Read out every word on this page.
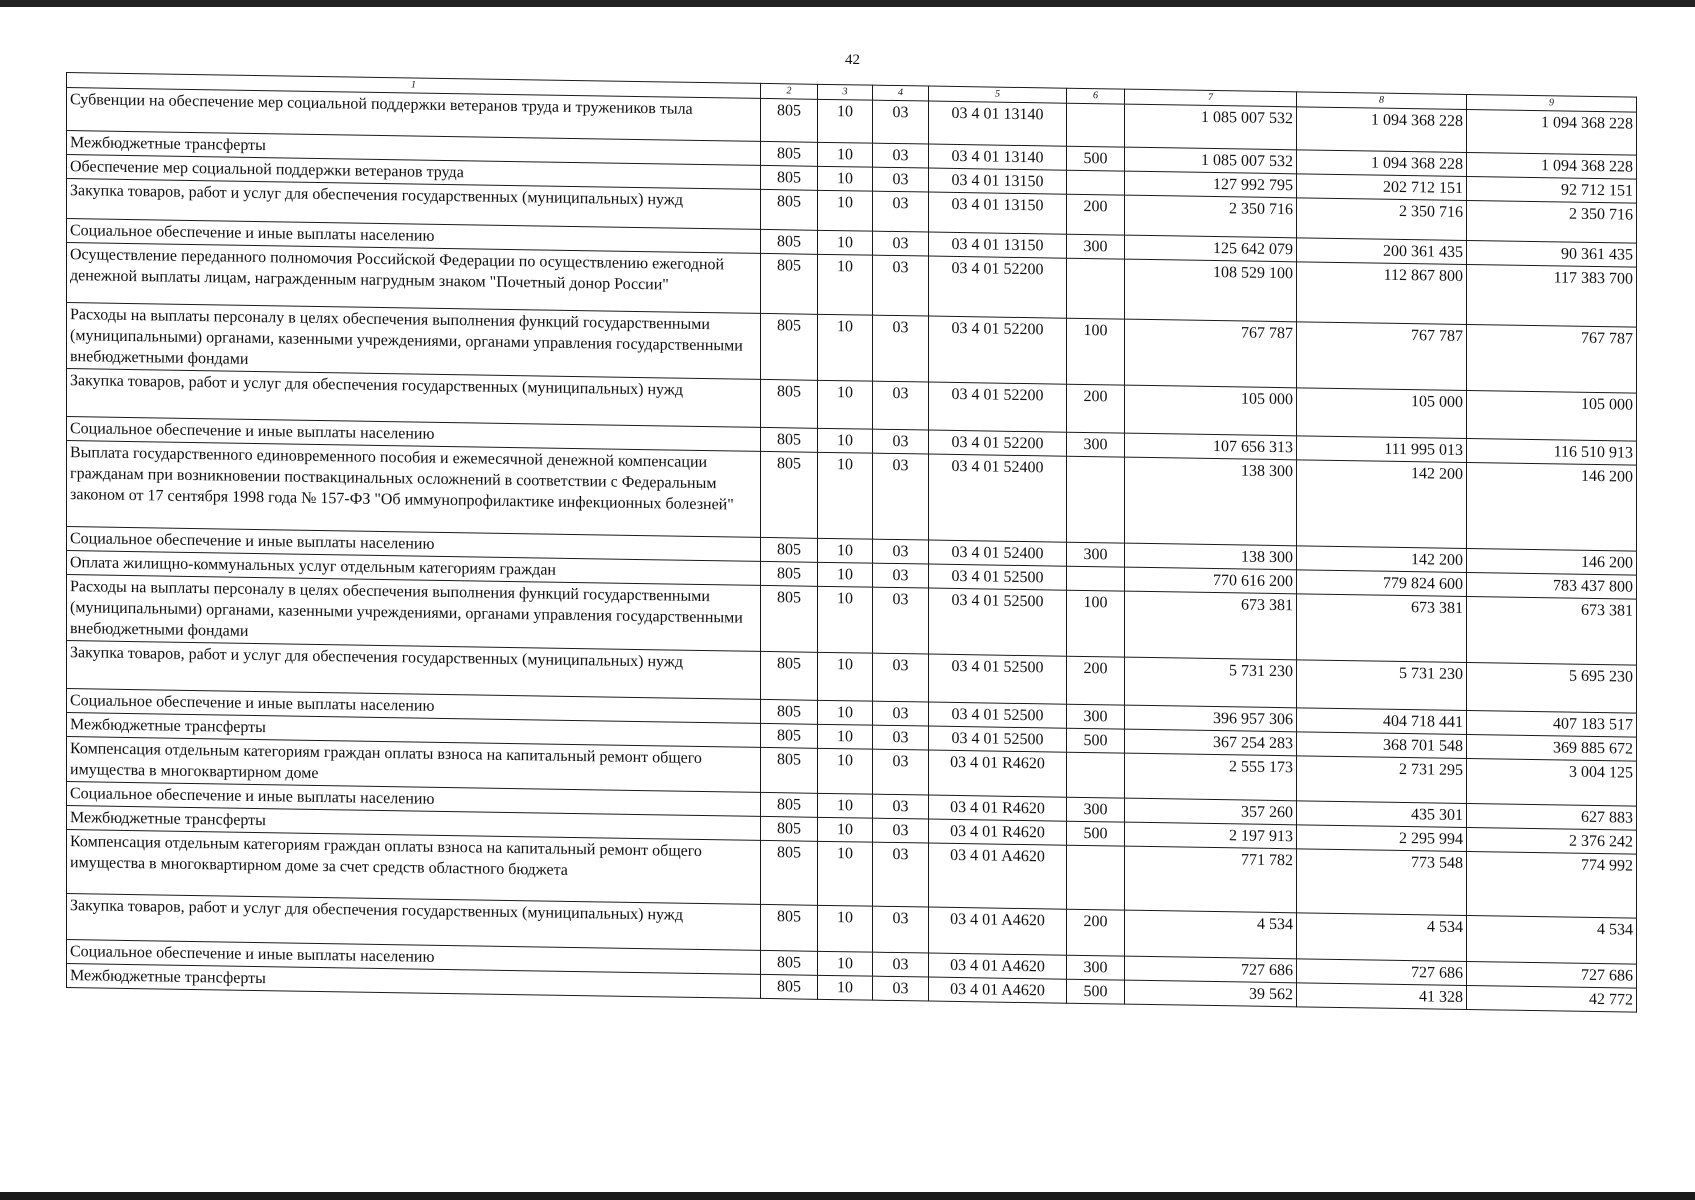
42
1	2	3	4	5	6	7	8	9
Субвенции на обеспечение мер социальной поддержки ветеранов труда и тружеников тыла	805	10	03	03 4 01 13140		1 085 007 532	1 094 368 228	1 094 368 228
Межбюджетные трансферты	805	10	03	03 4 01 13140	500	1 085 007 532	1 094 368 228	1 094 368 228
Обеспечение мер социальной поддержки ветеранов труда	805	10	03	03 4 01 13150		127 992 795	202 712 151	92 712 151
Закупка товаров, работ и услуг для обеспечения государственных (муниципальных) нужд	805	10	03	03 4 01 13150	200	2 350 716	2 350 716	2 350 716
Социальное обеспечение и иные выплаты населению	805	10	03	03 4 01 13150	300	125 642 079	200 361 435	90 361 435
Осуществление переданного полномочия Российской Федерации по осуществлению ежегодной денежной выплаты лицам, награжденным нагрудным знаком "Почетный донор России"	805	10	03	03 4 01 52200		108 529 100	112 867 800	117 383 700
Расходы на выплаты персоналу в целях обеспечения выполнения функций государственными (муниципальными) органами, казенными учреждениями, органами управления государственными внебюджетными фондами	805	10	03	03 4 01 52200	100	767 787	767 787	767 787
Закупка товаров, работ и услуг для обеспечения государственных (муниципальных) нужд	805	10	03	03 4 01 52200	200	105 000	105 000	105 000
Социальное обеспечение и иные выплаты населению	805	10	03	03 4 01 52200	300	107 656 313	111 995 013	116 510 913
Выплата государственного единовременного пособия и ежемесячной денежной компенсации гражданам при возникновении поствакцинальных осложнений в соответствии с Федеральным законом от 17 сентября 1998 года № 157-ФЗ "Об иммунопрофилактике инфекционных болезней"	805	10	03	03 4 01 52400		138 300	142 200	146 200
Социальное обеспечение и иные выплаты населению	805	10	03	03 4 01 52400	300	138 300	142 200	146 200
Оплата жилищно-коммунальных услуг отдельным категориям граждан	805	10	03	03 4 01 52500		770 616 200	779 824 600	783 437 800
Расходы на выплаты персоналу в целях обеспечения выполнения функций государственными (муниципальными) органами, казенными учреждениями, органами управления государственными внебюджетными фондами	805	10	03	03 4 01 52500	100	673 381	673 381	673 381
Закупка товаров, работ и услуг для обеспечения государственных (муниципальных) нужд	805	10	03	03 4 01 52500	200	5 731 230	5 731 230	5 695 230
Социальное обеспечение и иные выплаты населению	805	10	03	03 4 01 52500	300	396 957 306	404 718 441	407 183 517
Межбюджетные трансферты	805	10	03	03 4 01 52500	500	367 254 283	368 701 548	369 885 672
Компенсация отдельным категориям граждан оплаты взноса на капитальный ремонт общего имущества в многоквартирном доме	805	10	03	03 4 01 R4620		2 555 173	2 731 295	3 004 125
Социальное обеспечение и иные выплаты населению	805	10	03	03 4 01 R4620	300	357 260	435 301	627 883
Межбюджетные трансферты	805	10	03	03 4 01 R4620	500	2 197 913	2 295 994	2 376 242
Компенсация отдельным категориям граждан оплаты взноса на капитальный ремонт общего имущества в многоквартирном доме за счет средств областного бюджета	805	10	03	03 4 01 A4620		771 782	773 548	774 992
Закупка товаров, работ и услуг для обеспечения государственных (муниципальных) нужд	805	10	03	03 4 01 A4620	200	4 534	4 534	4 534
Социальное обеспечение и иные выплаты населению	805	10	03	03 4 01 A4620	300	727 686	727 686	727 686
Межбюджетные трансферты	805	10	03	03 4 01 A4620	500	39 562	41 328	42 772
